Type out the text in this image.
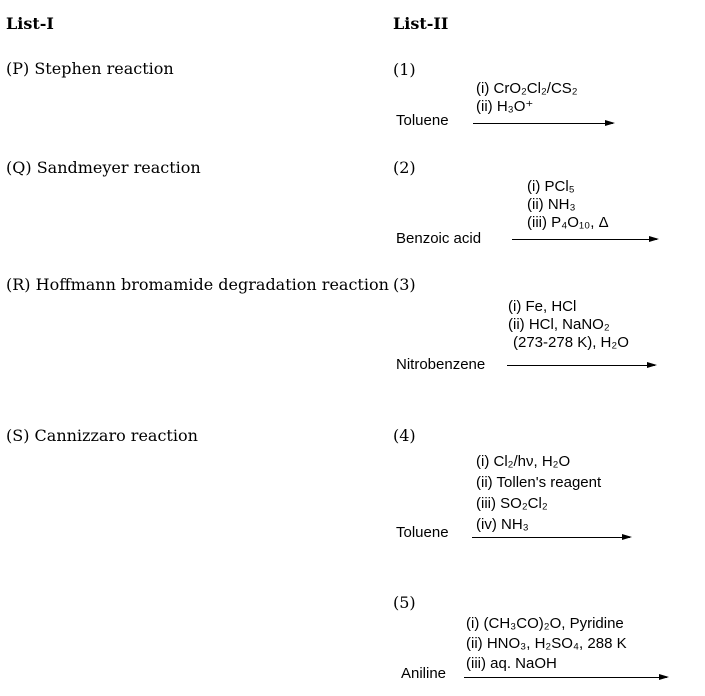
List-I	List-II
(P) Stephen reaction
(Q) Sandmeyer reaction
(R) Hoffmann bromamide degradation reaction
(S) Cannizzaro reaction
(1)
(i) CrO₂Cl₂/CS₂
(ii) H₃O⁺
Toluene
(2)
(i) PCl₅
(ii) NH₃
(iii) P₄O₁₀, Δ
Benzoic acid
(3)
(i) Fe, HCl
(ii) HCl, NaNO₂
(273-278 K), H₂O
Nitrobenzene
(4)
(i) Cl₂/hν, H₂O
(ii) Tollen's reagent
(iii) SO₂Cl₂
(iv) NH₃
Toluene
(5)
(i) (CH₃CO)₂O, Pyridine
(ii) HNO₃, H₂SO₄, 288 K
(iii) aq. NaOH
Aniline
